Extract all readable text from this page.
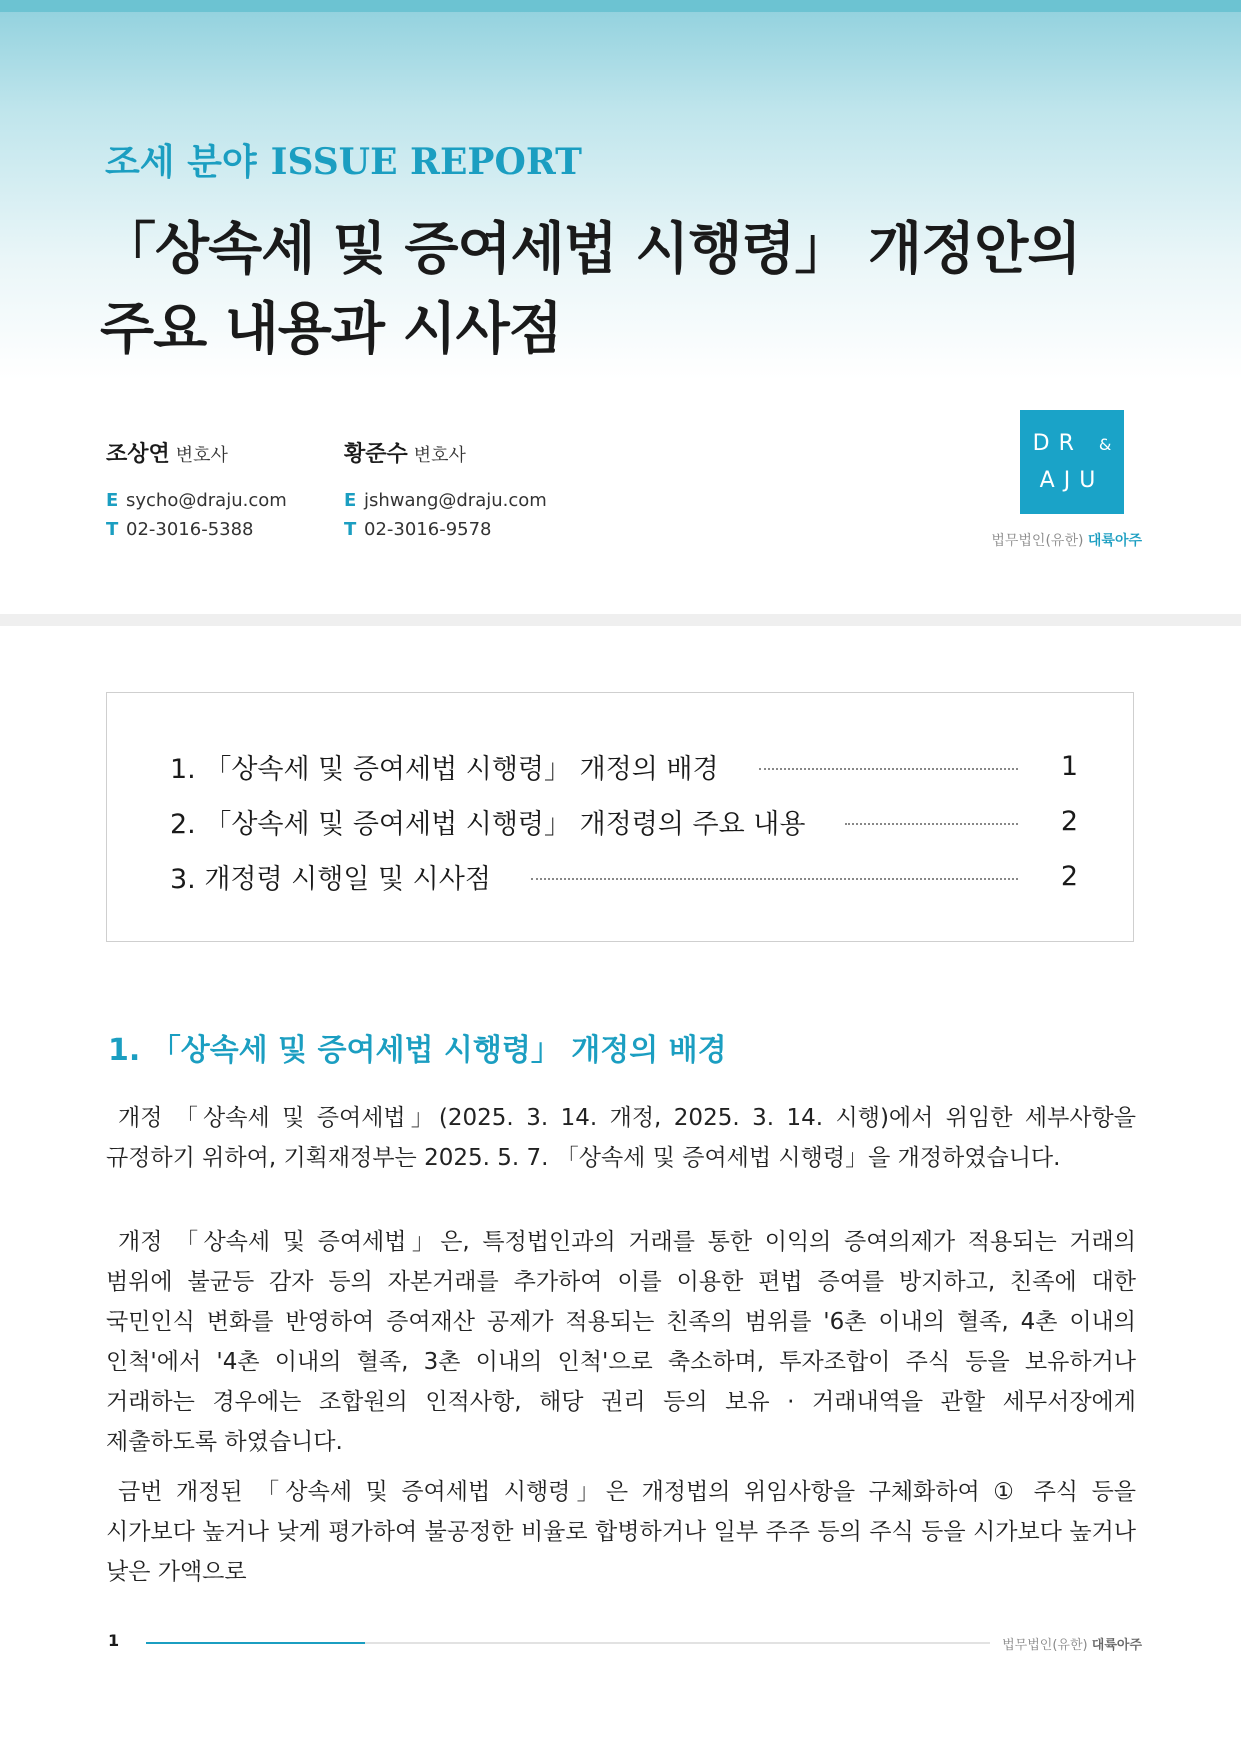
조세 분야 ISSUE REPORT
「상속세 및 증여세법 시행령」 개정안의
주요 내용과 시사점
조상연 변호사
E sycho@draju.com
T 02-3016-5388
황준수 변호사
E jshwang@draju.com
T 02-3016-9578
DR &
AJU
법무법인(유한) 대륙아주
1. 「상속세 및 증여세법 시행령」 개정의 배경	1
2. 「상속세 및 증여세법 시행령」 개정령의 주요 내용	2
3. 개정령 시행일 및 시사점	2
1. 「상속세 및 증여세법 시행령」 개정의 배경

개정 「상속세 및 증여세법」(2025. 3. 14. 개정, 2025. 3. 14. 시행)에서 위임한 세부사항을 규정하기 위하여, 기획재정부는 2025. 5. 7. 「상속세 및 증여세법 시행령」을 개정하였습니다.

개정 「상속세 및 증여세법」은, 특정법인과의 거래를 통한 이익의 증여의제가 적용되는 거래의 범위에 불균등 감자 등의 자본거래를 추가하여 이를 이용한 편법 증여를 방지하고, 친족에 대한 국민인식 변화를 반영하여 증여재산 공제가 적용되는 친족의 범위를 '6촌 이내의 혈족, 4촌 이내의 인척'에서 '4촌 이내의 혈족, 3촌 이내의 인척'으로 축소하며, 투자조합이 주식 등을 보유하거나 거래하는 경우에는 조합원의 인적사항, 해당 권리 등의 보유 · 거래내역을 관할 세무서장에게 제출하도록 하였습니다.

금번 개정된 「상속세 및 증여세법 시행령」은 개정법의 위임사항을 구체화하여 ① 주식 등을 시가보다 높거나 낮게 평가하여 불공정한 비율로 합병하거나 일부 주주 등의 주식 등을 시가보다 높거나 낮은 가액으로

1	법무법인(유한) 대륙아주
